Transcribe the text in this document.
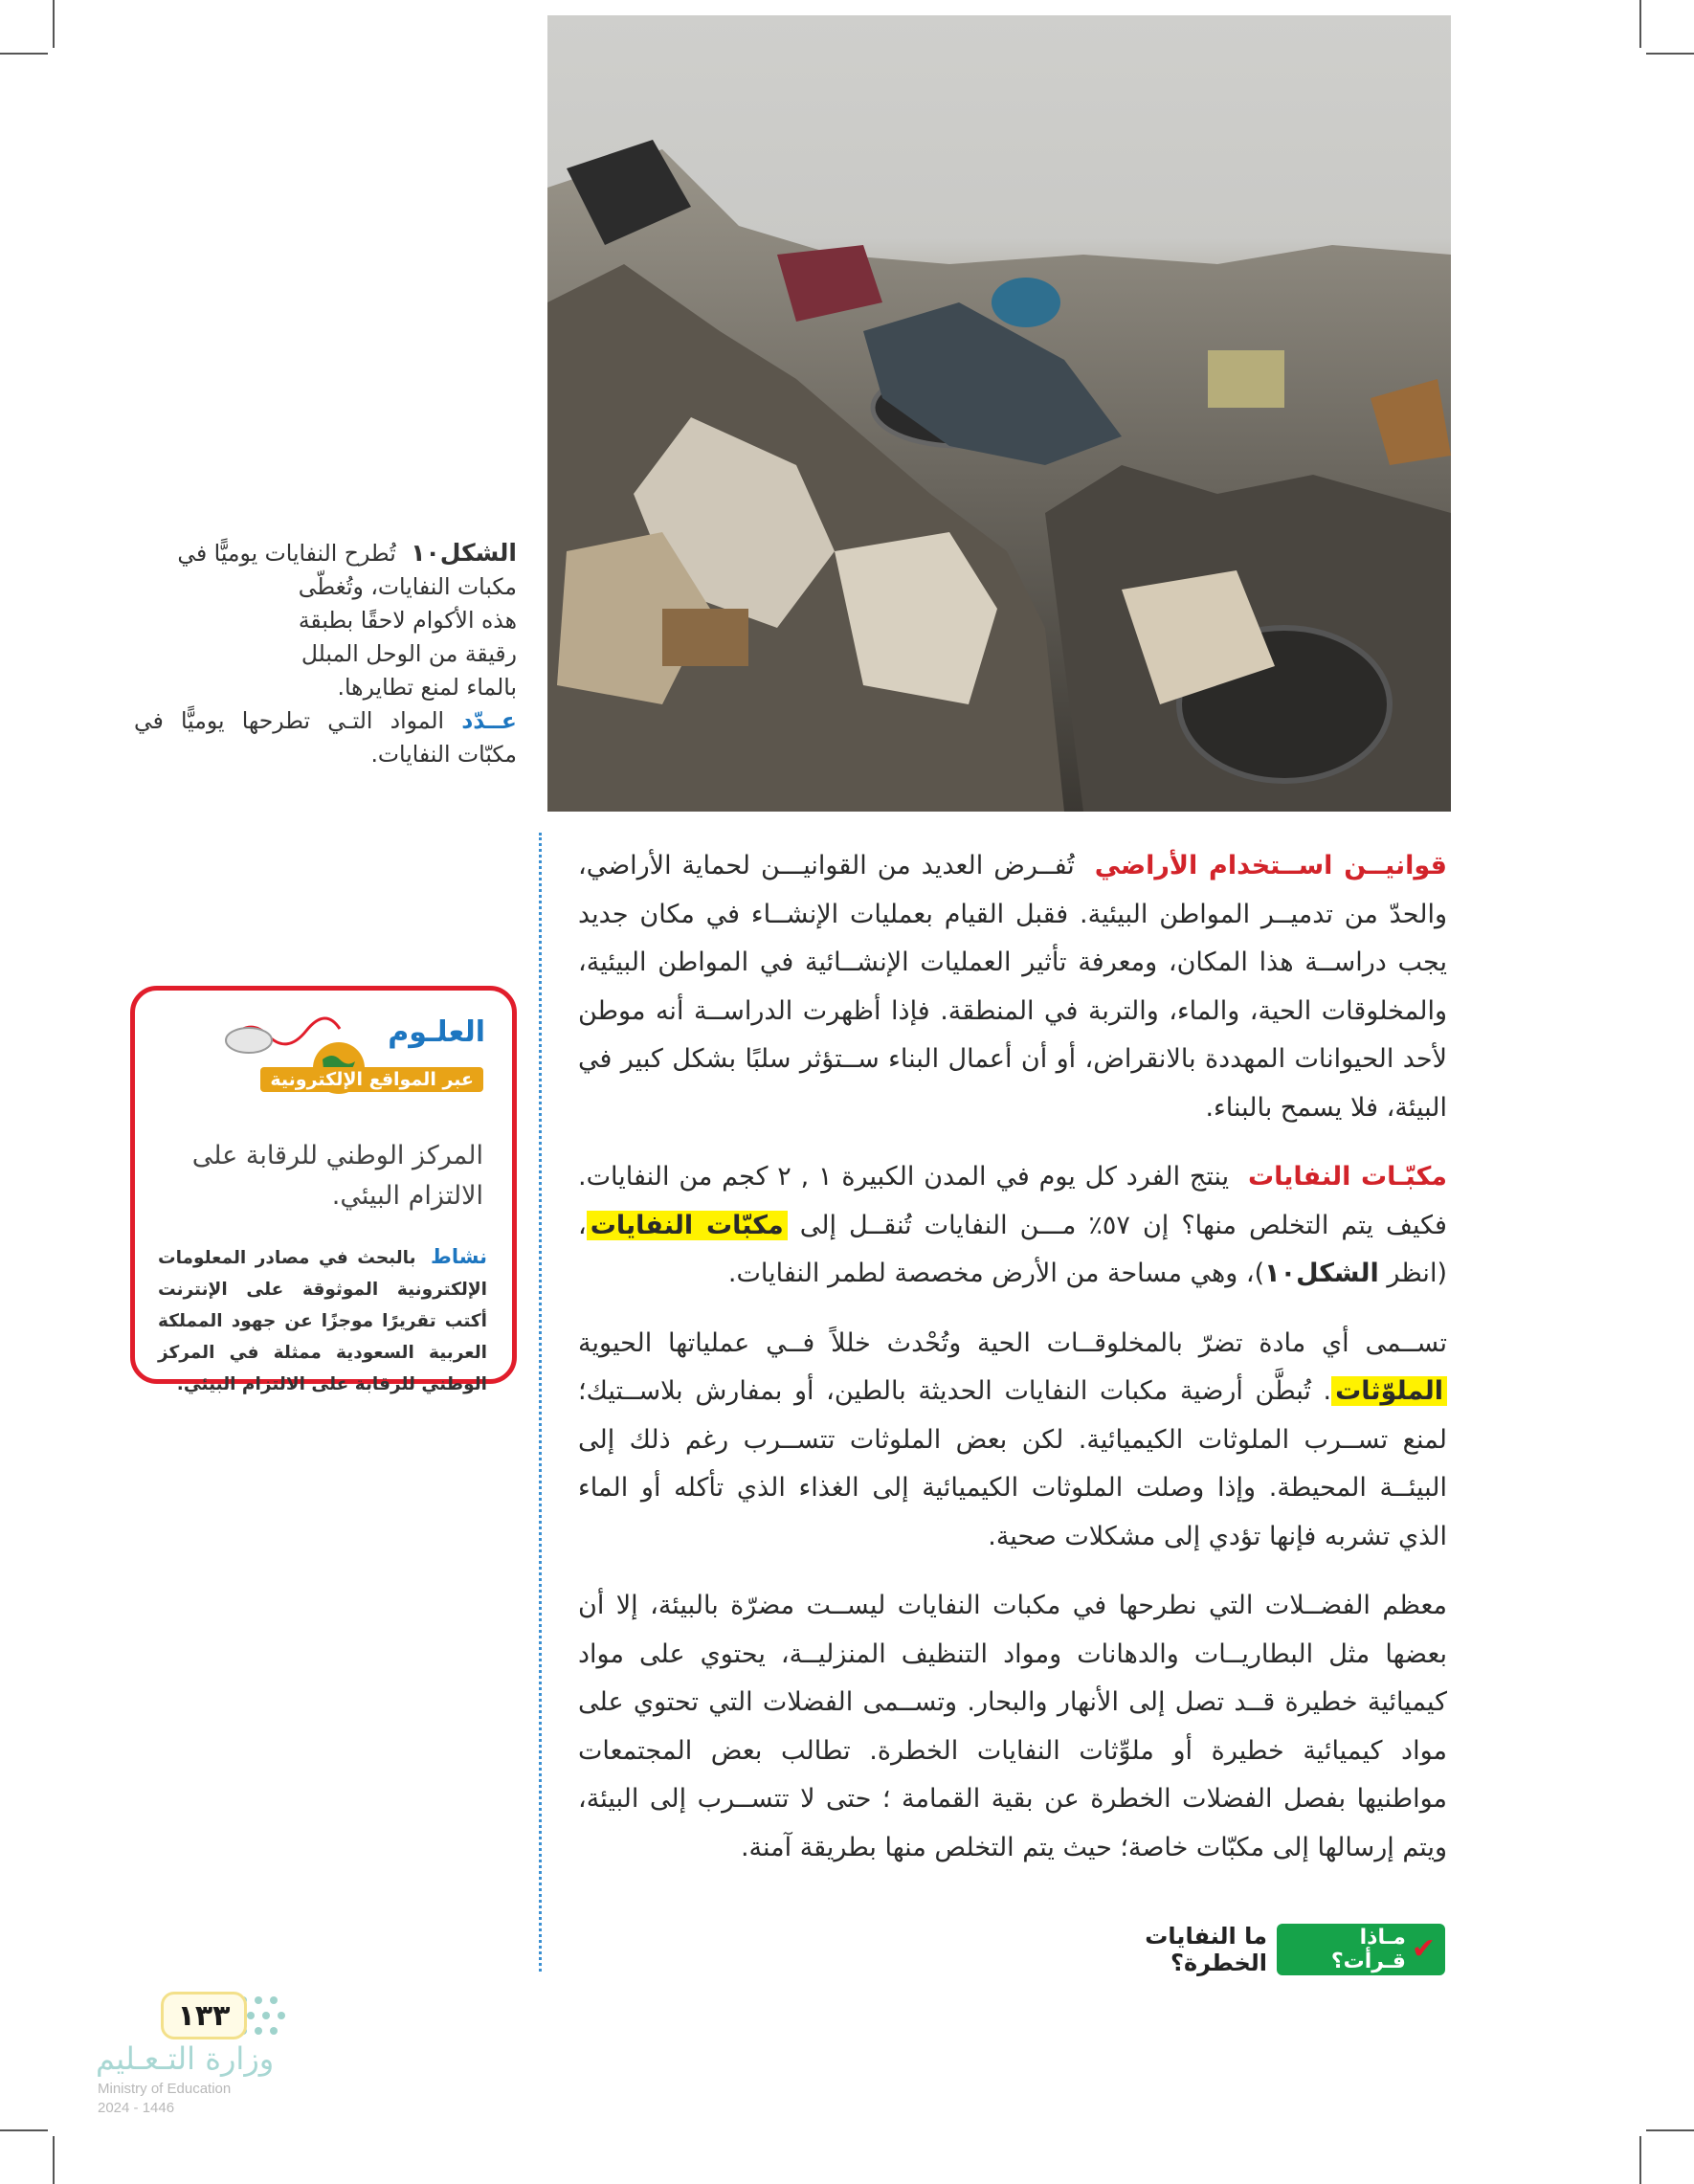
الشكل١٠ تُطرح النفايات يوميًّا في
مكبات النفايات، وتُغطّى
هذه الأكوام لاحقًا بطبقة
رقيقة من الوحل المبلل
بالماء لمنع تطايرها.
عــدّد المواد التـي تطرحها يوميًّا في مكبّات النفايات.
العلـوم
عبر المواقع الإلكترونية
المركز الوطني للرقابة على الالتزام البيئي.
نشاط بالبحث في مصادر المعلومات الإلكترونية الموثوقة على الإنترنت أكتب تقريرًا موجزًا عن جهود المملكة العربية السعودية ممثلة في المركز الوطني للرقابة على الالتزام البيئي.

قوانيــن اســتخدام الأراضي تُفــرض العديد من القوانيـــن لحماية الأراضي، والحدّ من تدميــر المواطن البيئية. فقبل القيام بعمليات الإنشــاء في مكان جديد يجب دراســة هذا المكان، ومعرفة تأثير العمليات الإنشــائية في المواطن البيئية، والمخلوقات الحية، والماء، والتربة في المنطقة. فإذا أظهرت الدراســة أنه موطن لأحد الحيوانات المهددة بالانقراض، أو أن أعمال البناء ســتؤثر سلبًا بشكل كبير في البيئة، فلا يسمح بالبناء.

مكبّـات النفايات ينتج الفرد كل يوم في المدن الكبيرة ١ , ٢ كجم من النفايات. فكيف يتم التخلص منها؟ إن ٥٧٪ مـــن النفايات تُنقــل إلى مكبّات النفايات، (انظر الشكل١٠)، وهي مساحة من الأرض مخصصة لطمر النفايات.

تســمى أي مادة تضرّ بالمخلوقــات الحية وتُحْدث خللاً فــي عملياتها الحيوية الملوّثات. تُبطَّن أرضية مكبات النفايات الحديثة بالطين، أو بمفارش بلاســتيك؛ لمنع تســرب الملوثات الكيميائية. لكن بعض الملوثات تتســرب رغم ذلك إلى البيئــة المحيطة. وإذا وصلت الملوثات الكيميائية إلى الغذاء الذي تأكله أو الماء الذي تشربه فإنها تؤدي إلى مشكلات صحية.

معظم الفضــلات التي نطرحها في مكبات النفايات ليســت مضرّة بالبيئة، إلا أن بعضها مثل البطاريــات والدهانات ومواد التنظيف المنزليــة، يحتوي على مواد كيميائية خطيرة قــد تصل إلى الأنهار والبحار. وتســمى الفضلات التي تحتوي على مواد كيميائية خطيرة أو ملوِّثات النفايات الخطرة. تطالب بعض المجتمعات مواطنيها بفصل الفضلات الخطرة عن بقية القمامة ؛ حتى لا تتســرب إلى البيئة، ويتم إرسالها إلى مكبّات خاصة؛ حيث يتم التخلص منها بطريقة آمنة.

✔
مـاذا قـرأت؟
ما النفايات الخطرة؟
١٣٣
وزارة التـعـليم
Ministry of Education
2024 - 1446
